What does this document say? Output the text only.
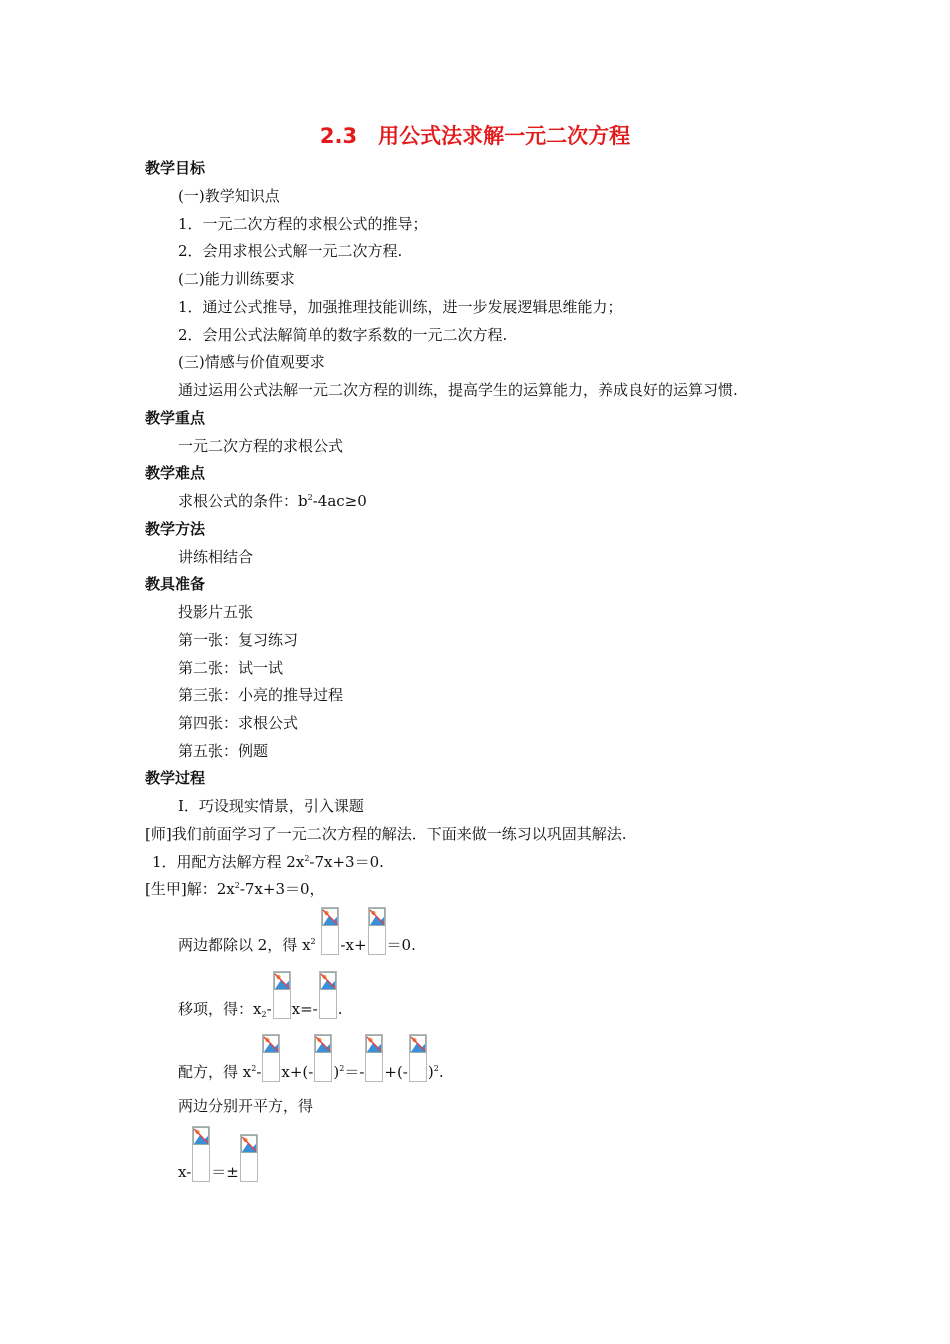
2.3　用公式法求解一元二次方程
教学目标
(一)教学知识点
1．一元二次方程的求根公式的推导；
2．会用求根公式解一元二次方程.
(二)能力训练要求
1．通过公式推导，加强推理技能训练，进一步发展逻辑思维能力；
2．会用公式法解简单的数字系数的一元二次方程.
(三)情感与价值观要求
通过运用公式法解一元二次方程的训练，提高学生的运算能力，养成良好的运算习惯.
教学重点
一元二次方程的求根公式
教学难点
求根公式的条件：$b^2-4ac\ge 0$
教学方法
讲练相结合
教具准备
投影片五张
第一张：复习练习
第二张：试一试
第三张：小亮的推导过程
第四张：求根公式
第五张：例题
教学过程
Ⅰ．巧设现实情景，引入课题
[师]我们前面学习了一元二次方程的解法．下面来做一练习以巩固其解法.
1．用配方法解方程 $2x^2-7x+3=0$.
[生甲]解：$2x^2-7x+3=0$，
两边都除以 2，得 $x^2$ -x+ ＝0.
移项，得：$x_2-$ x=- .
配方，得 $x^2-$ x+(- )$^2$＝- +(- )$^2$.
两边分别开平方，得
x- ＝±
